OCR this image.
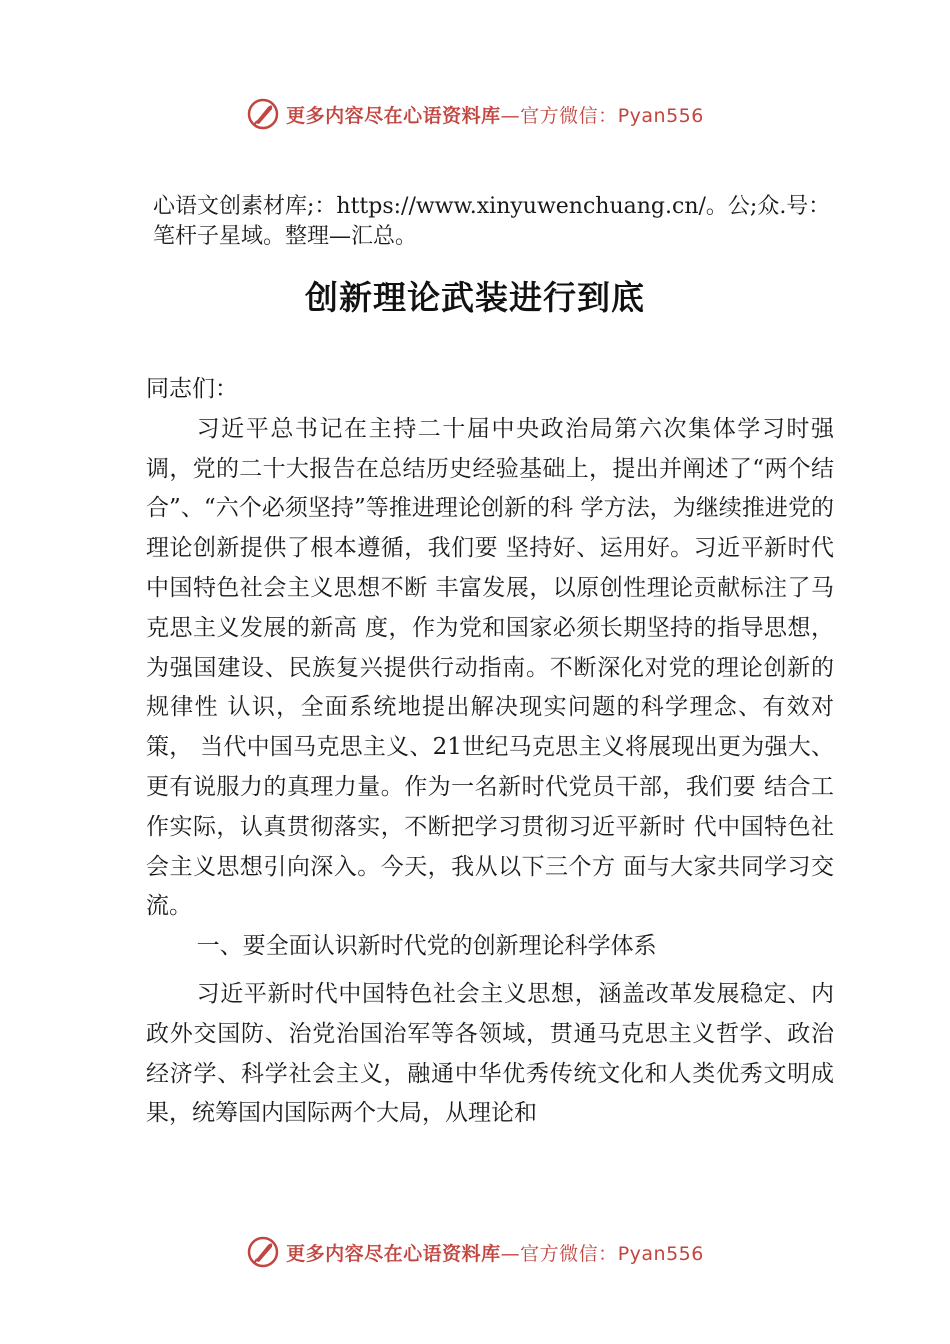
更多内容尽在心语资料库—官方微信：Pyan556
心语文创素材库;：https://www.xinyuwenchuang.cn/。公;众.号：笔杆子星域。整理—汇总。
创新理论武装进行到底

同志们：

习近平总书记在主持二十届中央政治局第六次集体学习时强调，党的二十大报告在总结历史经验基础上，提出并阐述了“两个结合”、“六个必须坚持”等推进理论创新的科 学方法，为继续推进党的理论创新提供了根本遵循，我们要 坚持好、运用好。习近平新时代中国特色社会主义思想不断 丰富发展，以原创性理论贡献标注了马克思主义发展的新高 度，作为党和国家必须长期坚持的指导思想，为强国建设、民族复兴提供行动指南。不断深化对党的理论创新的规律性 认识，全面系统地提出解决现实问题的科学理念、有效对策， 当代中国马克思主义、21世纪马克思主义将展现出更为强大、更有说服力的真理力量。作为一名新时代党员干部，我们要 结合工作实际，认真贯彻落实，不断把学习贯彻习近平新时 代中国特色社会主义思想引向深入。今天，我从以下三个方 面与大家共同学习交流。

一、要全面认识新时代党的创新理论科学体系

习近平新时代中国特色社会主义思想，涵盖改革发展稳定、内政外交国防、治党治国治军等各领域，贯通马克思主义哲学、政治经济学、科学社会主义，融通中华优秀传统文化和人类优秀文明成果，统筹国内国际两个大局，从理论和

更多内容尽在心语资料库—官方微信：Pyan556
